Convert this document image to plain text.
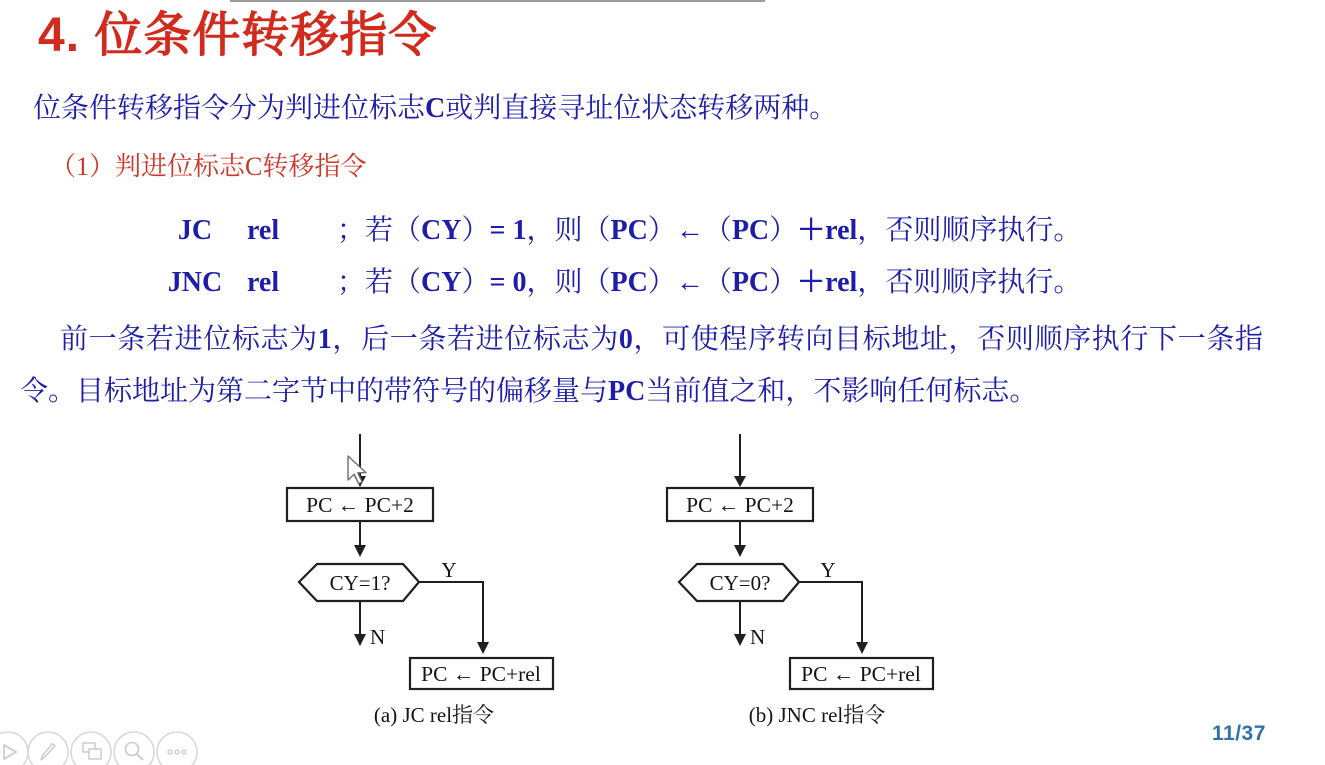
4. 位条件转移指令
位条件转移指令分为判进位标志C或判直接寻址位状态转移两种。
（1）判进位标志C转移指令
JC	rel	；若（CY）= 1，则（PC）←（PC）＋rel，否则顺序执行。
JNC rel	；若（CY）= 0，则（PC）←（PC）＋rel，否则顺序执行。
前一条若进位标志为1，后一条若进位标志为0，可使程序转向目标地址，否则顺序执行下一条指令。目标地址为第二字节中的带符号的偏移量与PC当前值之和，不影响任何标志。
PC ← PC+2
CY=1?
Y
N
PC ← PC+rel
(a) JC rel指令
PC ← PC+2
CY=0?
Y
N
PC ← PC+rel
(b) JNC rel指令
11/37
